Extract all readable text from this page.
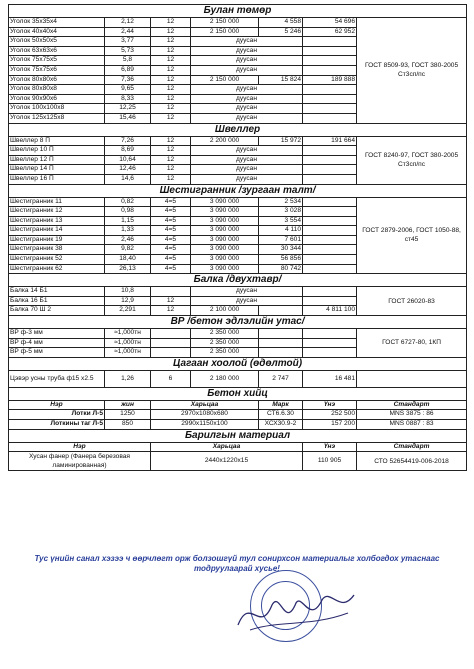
Булан төмөр						
Уголок 35х35х4	2,12	12	2 150 000	4 558	54 696	ГОСТ 8509-93, ГОСТ 380-2005 Ст3сп/пс
Уголок 40х40х4	2,44	12	2 150 000	5 246	62 952	
Уголок 50х50х5	3,77	12	дуусан			
Уголок 63х63х6	5,73	12	дуусан			
Уголок 75х75х5	5,8	12	дуусан			
Уголок 75х75х6	6,89	12	дуусан			
Уголок 80х80х6	7,36	12	2 150 000	15 824	189 888	
Уголок 80х80х8	9,65	12	дуусан			
Уголок 90х90х6	8,33	12	дуусан			
Уголок 100х100х8	12,25	12	дуусан			
Уголок 125х125х8	15,46	12	дуусан			
Швеллер						
Швеллер 8 П	7,26	12	2 200 000	15 972	191 664	ГОСТ 8240-97, ГОСТ 380-2005 Ст3сп/пс
Швеллер 10 П	8,69	12	дуусан			
Швеллер 12 П	10,64	12	дуусан			
Швеллер 14 П	12,46	12	дуусан			
Швеллер 16 П	14,6	12	дуусан			
Шестигранник /зургаан талт/						
Шестигранник 11	0,82	4=5	3 090 000	2 534		ГОСТ 2879-2006, ГОСТ 1050-88, ст45
Шестигранник 12	0,98	4=5	3 090 000	3 028		
Шестигранник 13	1,15	4=5	3 090 000	3 554		
Шестигранник 14	1,33	4=5	3 090 000	4 110		
Шестигранник 19	2,46	4=5	3 090 000	7 601		
Шестигранник 38	9,82	4=5	3 090 000	30 344		
Шестигранник 52	18,40	4=5	3 090 000	56 856		
Шестигранник 62	26,13	4=5	3 090 000	80 742		
Балка /двухтавр/						
Балка 14 Б1	10,8		дуусан			ГОСТ 26020-83
Балка 16 Б1	12,9	12	дуусан			
Балка 70 Ш 2	2,291	12	2 100 000		4 811 100	
ВР /бетон эдлэлийн утас/						
ВР ф-3 мм	≈1,000тн		2 350 000			ГОСТ 6727-80, 1КП
ВР ф-4 мм	≈1,000тн		2 350 000			
ВР ф-5 мм	≈1,000тн		2 350 000			
Цагаан хоолой (өдөлтой)						
Цэвэр усны труба ф15 х2.5	1,26	6	2 180 000	2 747	16 481	
Бетон хийц						
Нэр	жин	Харьцаа		Марк	Үнэ	Стандарт
Лотки Л-5	1250	2970х1080х680		СТ6.6.30	252 500	MNS 3875 : 86
Лоткины таг Л-5	850	2990х1150х100		ХСХ30.9-2	157 200	MNS 0887 : 83
Барилгын материал						
Нэр		Харьцаа			Үнэ	Стандарт
Хусан фанер (Фанера березовая ламинированная)		2440х1220х15			110 905	СТО 52654419-006-2018
Тус үнийн санал хэзээ ч өөрчлөгт орж болзошгүй тул сонирхсон материалыг холбогдох утаснаас тодруулаарай хусье!
